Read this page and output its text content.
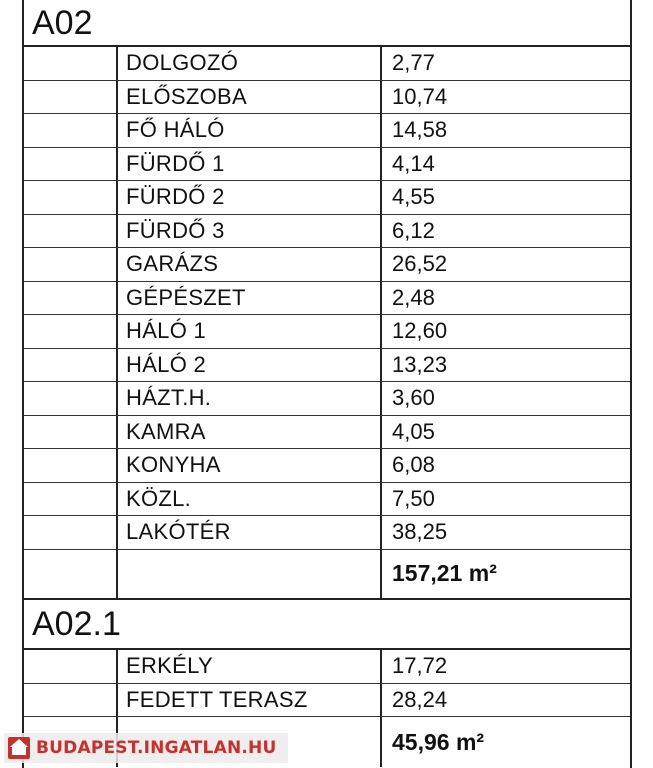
A02
DOLGOZÓ	2,77
ELŐSZOBA	10,74
FŐ HÁLÓ	14,58
FÜRDŐ 1	4,14
FÜRDŐ 2	4,55
FÜRDŐ 3	6,12
GARÁZS	26,52
GÉPÉSZET	2,48
HÁLÓ 1	12,60
HÁLÓ 2	13,23
HÁZT.H.	3,60
KAMRA	4,05
KONYHA	6,08
KÖZL.	7,50
LAKÓTÉR	38,25
157,21 m²
A02.1
ERKÉLY	17,72
FEDETT TERASZ	28,24
45,96 m²
BUDAPEST.INGATLAN.HU
